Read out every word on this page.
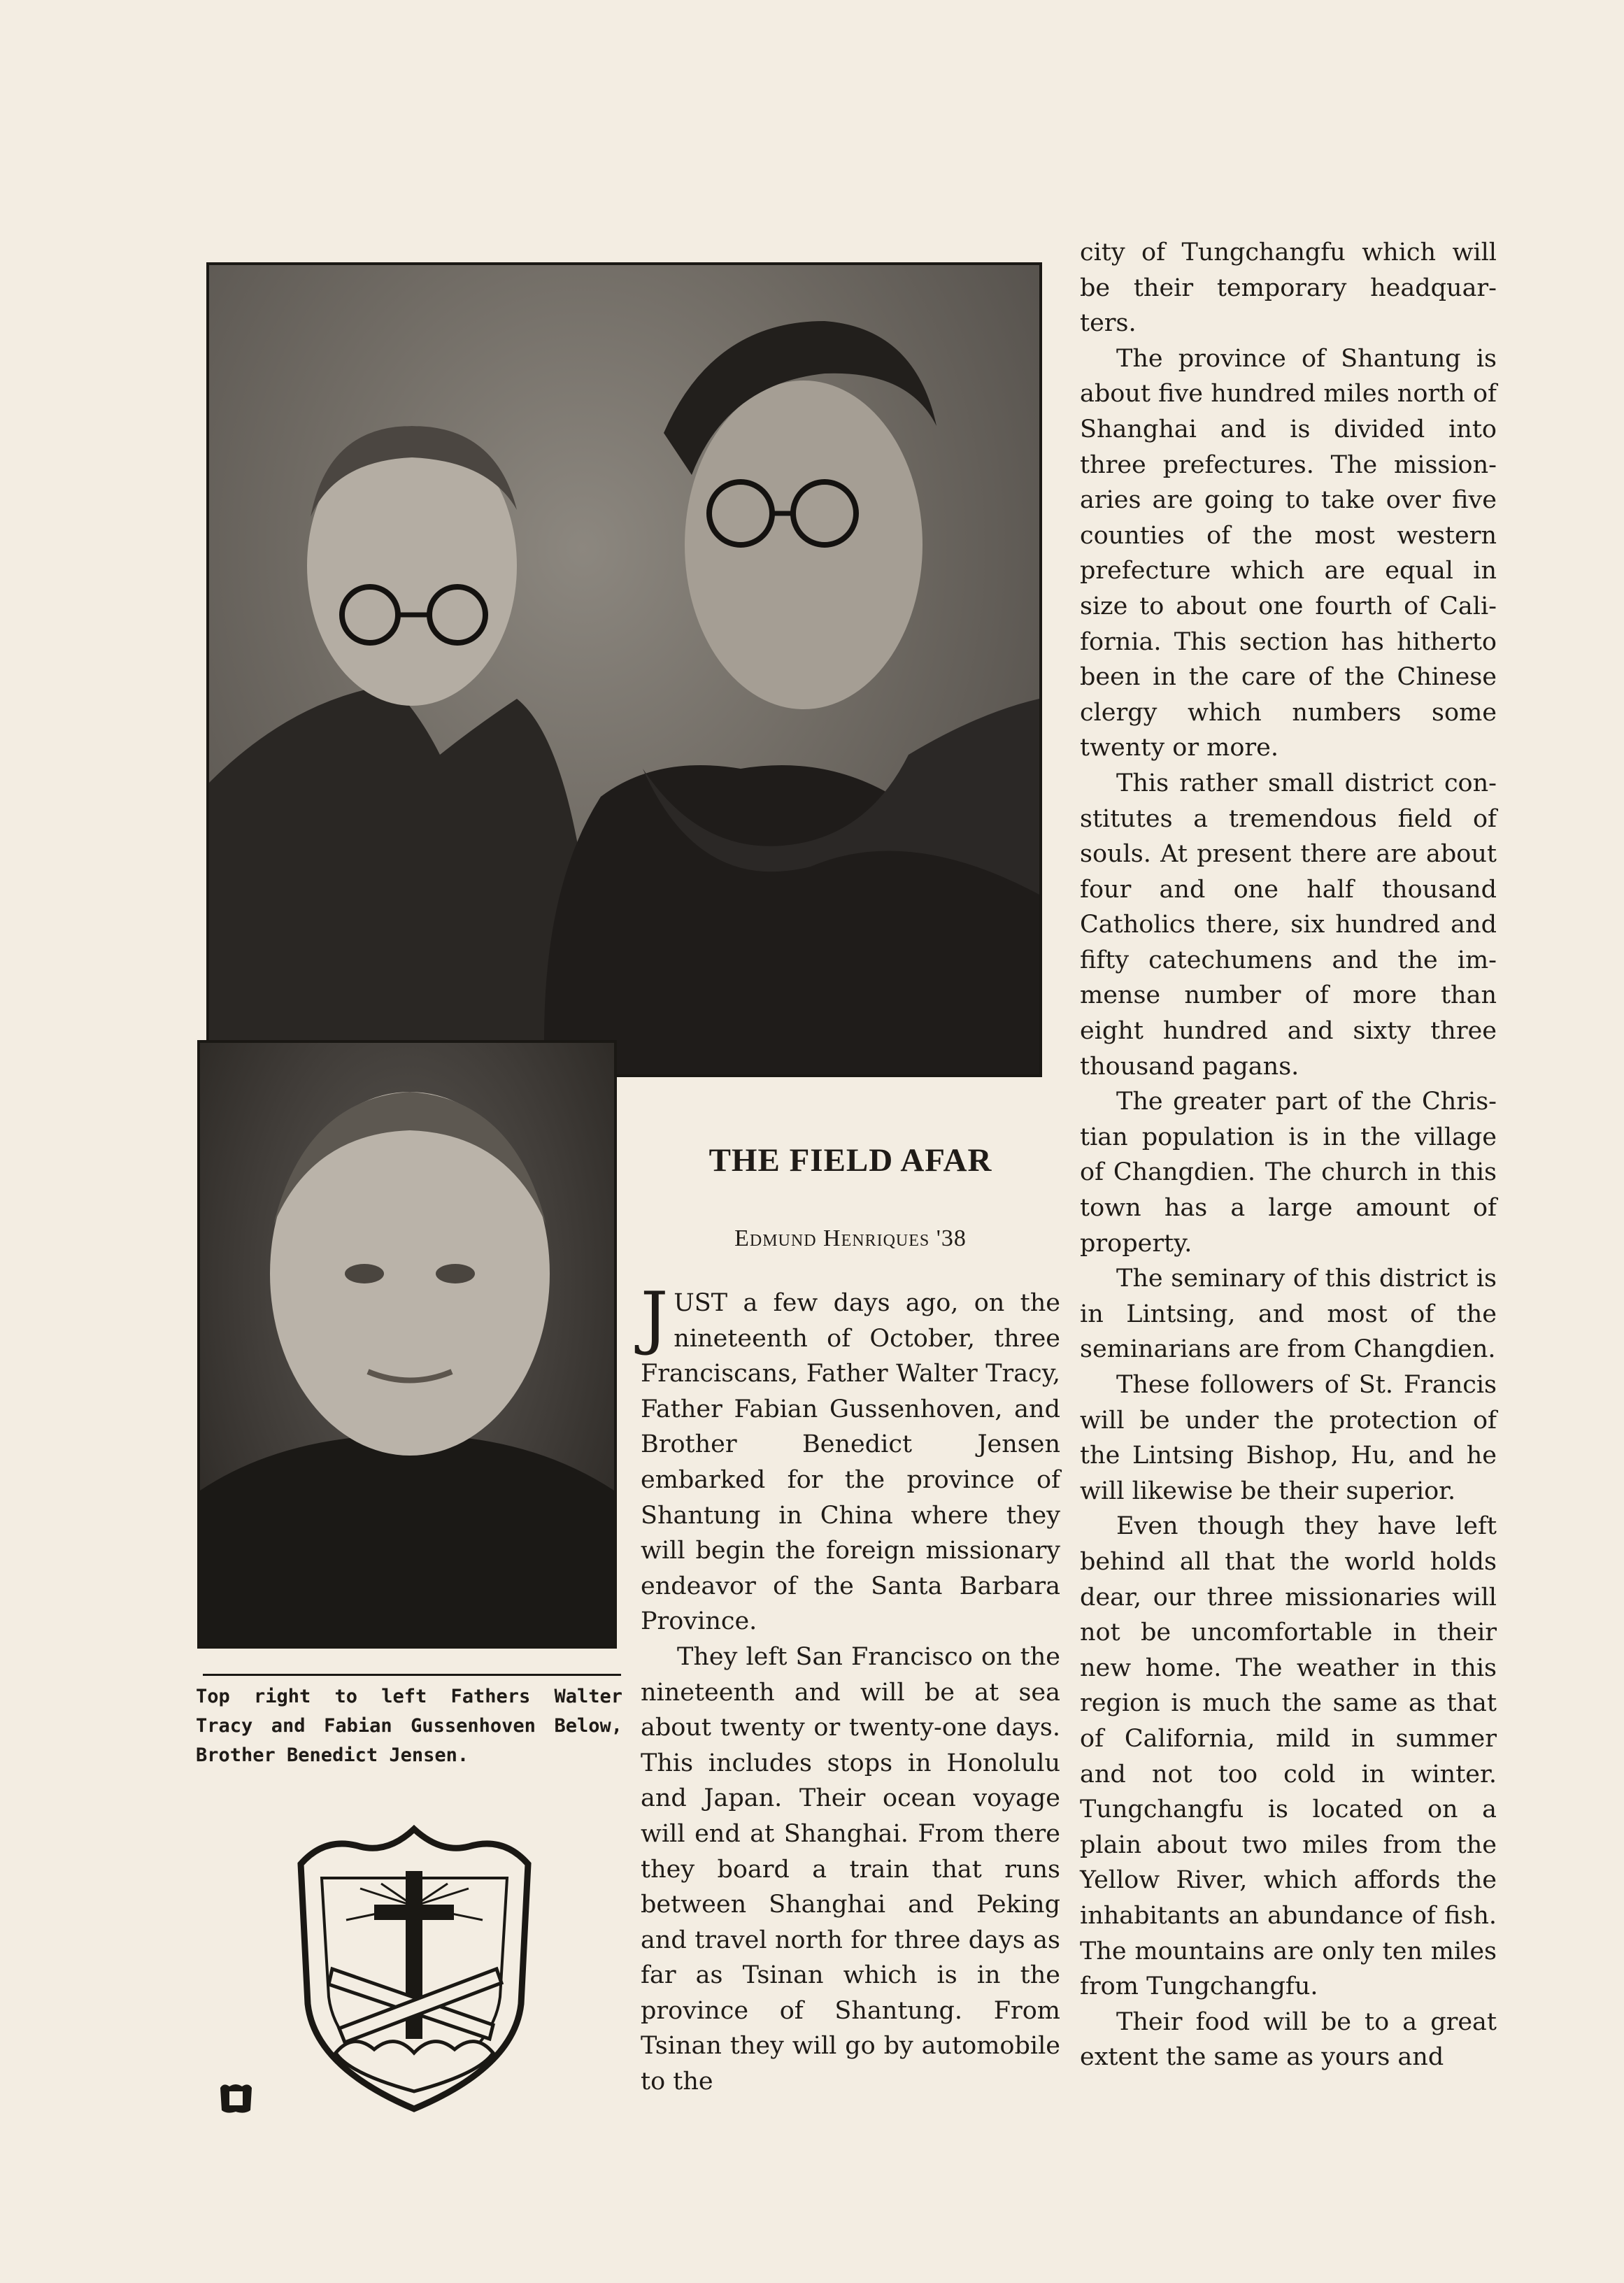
THE FIELD AFAR
Edmund Henriques '38
Top right to left Fathers Walter Tracy and Fabian Gussenhoven Below, Brother Benedict Jensen.

JUST a few days ago, on the nineteenth of October, three Franciscans, Father Walter Tracy, Father Fabian Gussenhoven, and Brother Benedict Jensen embarked for the province of Shantung in China where they will begin the foreign missionary endeavor of the Santa Barbara Province.

They left San Francisco on the nineteenth and will be at sea about twenty or twenty-one days. This includes stops in Honolulu and Japan. Their ocean voyage will end at Shanghai. From there they board a train that runs between Shanghai and Peking and travel north for three days as far as Tsinan which is in the province of Shantung. From Tsinan they will go by automobile to the

city of Tungchangfu which will be their temporary headquarters.

The province of Shantung is about five hundred miles north of Shanghai and is divided into three prefectures. The missionaries are going to take over five counties of the most western prefecture which are equal in size to about one fourth of California. This section has hitherto been in the care of the Chinese clergy which numbers some twenty or more.

This rather small district constitutes a tremendous field of souls. At present there are about four and one half thousand Catholics there, six hundred and fifty catechumens and the immense number of more than eight hundred and sixty three thousand pagans.

The greater part of the Christian population is in the village of Changdien. The church in this town has a large amount of property.

The seminary of this district is in Lintsing, and most of the seminarians are from Changdien.

These followers of St. Francis will be under the protection of the Lintsing Bishop, Hu, and he will likewise be their superior.

Even though they have left behind all that the world holds dear, our three missionaries will not be uncomfortable in their new home. The weather in this region is much the same as that of California, mild in summer and not too cold in winter. Tungchangfu is located on a plain about two miles from the Yellow River, which affords the inhabitants an abundance of fish. The mountains are only ten miles from Tungchangfu.

Their food will be to a great extent the same as yours and
